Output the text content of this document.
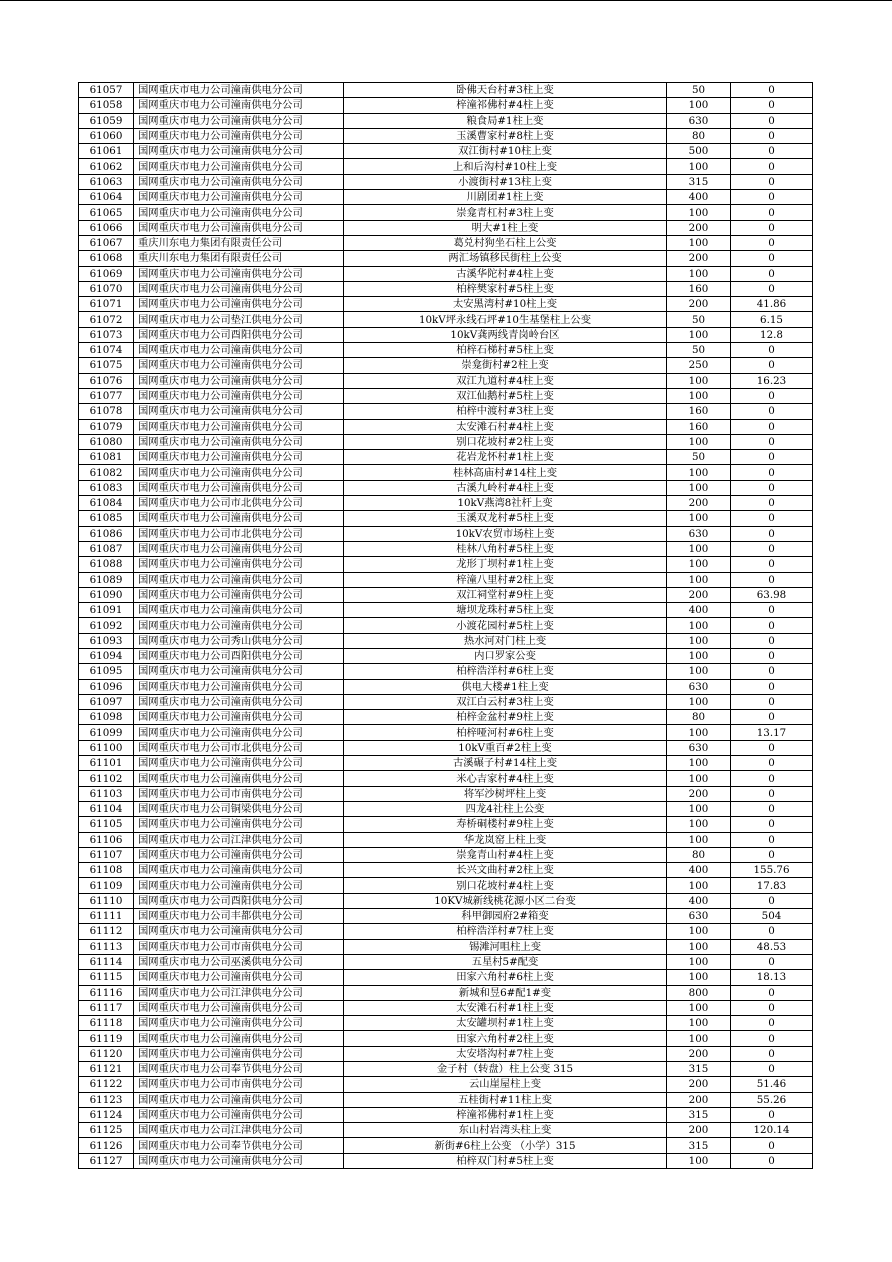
61057	国网重庆市电力公司潼南供电分公司	卧佛天台村#3柱上变	50	0
61058	国网重庆市电力公司潼南供电分公司	梓潼祁佛村#4柱上变	100	0
61059	国网重庆市电力公司潼南供电分公司	粮食局#1柱上变	630	0
61060	国网重庆市电力公司潼南供电分公司	玉溪曹家村#8柱上变	80	0
61061	国网重庆市电力公司潼南供电分公司	双江街村#10柱上变	500	0
61062	国网重庆市电力公司潼南供电分公司	上和后沟村#10柱上变	100	0
61063	国网重庆市电力公司潼南供电分公司	小渡街村#13柱上变	315	0
61064	国网重庆市电力公司潼南供电分公司	川剧团#1柱上变	400	0
61065	国网重庆市电力公司潼南供电分公司	崇龛青杠村#3柱上变	100	0
61066	国网重庆市电力公司潼南供电分公司	明大#1柱上变	200	0
61067	重庆川东电力集团有限责任公司	葛兑村狗坐石柱上公变	100	0
61068	重庆川东电力集团有限责任公司	两汇场镇移民街柱上公变	200	0
61069	国网重庆市电力公司潼南供电分公司	古溪华陀村#4柱上变	100	0
61070	国网重庆市电力公司潼南供电分公司	柏梓樊家村#5柱上变	160	0
61071	国网重庆市电力公司潼南供电分公司	太安黑湾村#10柱上变	200	41.86
61072	国网重庆市电力公司垫江供电分公司	10kV坪永线石坪#10生基堡柱上公变	50	6.15
61073	国网重庆市电力公司酉阳供电分公司	10kV龚两线青岗岭台区	100	12.8
61074	国网重庆市电力公司潼南供电分公司	柏梓石梯村#5柱上变	50	0
61075	国网重庆市电力公司潼南供电分公司	崇龛街村#2柱上变	250	0
61076	国网重庆市电力公司潼南供电分公司	双江九道村#4柱上变	100	16.23
61077	国网重庆市电力公司潼南供电分公司	双江仙鹅村#5柱上变	100	0
61078	国网重庆市电力公司潼南供电分公司	柏梓中渡村#3柱上变	160	0
61079	国网重庆市电力公司潼南供电分公司	太安滩石村#4柱上变	160	0
61080	国网重庆市电力公司潼南供电分公司	别口花坡村#2柱上变	100	0
61081	国网重庆市电力公司潼南供电分公司	花岩龙怀村#1柱上变	50	0
61082	国网重庆市电力公司潼南供电分公司	桂林高庙村#14柱上变	100	0
61083	国网重庆市电力公司潼南供电分公司	古溪九岭村#4柱上变	100	0
61084	国网重庆市电力公司市北供电分公司	10kV燕湾8社杆上变	200	0
61085	国网重庆市电力公司潼南供电分公司	玉溪双龙村#5柱上变	100	0
61086	国网重庆市电力公司市北供电分公司	10kV农贸市场柱上变	630	0
61087	国网重庆市电力公司潼南供电分公司	桂林八角村#5柱上变	100	0
61088	国网重庆市电力公司潼南供电分公司	龙形丁坝村#1柱上变	100	0
61089	国网重庆市电力公司潼南供电分公司	梓潼八里村#2柱上变	100	0
61090	国网重庆市电力公司潼南供电分公司	双江祠堂村#9柱上变	200	63.98
61091	国网重庆市电力公司潼南供电分公司	塘坝龙珠村#5柱上变	400	0
61092	国网重庆市电力公司潼南供电分公司	小渡花园村#5柱上变	100	0
61093	国网重庆市电力公司秀山供电分公司	热水河对门柱上变	100	0
61094	国网重庆市电力公司酉阳供电分公司	内口罗家公变	100	0
61095	国网重庆市电力公司潼南供电分公司	柏梓浩洋村#6柱上变	100	0
61096	国网重庆市电力公司潼南供电分公司	供电大楼#1柱上变	630	0
61097	国网重庆市电力公司潼南供电分公司	双江白云村#3柱上变	100	0
61098	国网重庆市电力公司潼南供电分公司	柏梓金盆村#9柱上变	80	0
61099	国网重庆市电力公司潼南供电分公司	柏梓哑河村#6柱上变	100	13.17
61100	国网重庆市电力公司市北供电分公司	10kV重百#2柱上变	630	0
61101	国网重庆市电力公司潼南供电分公司	古溪碾子村#14柱上变	100	0
61102	国网重庆市电力公司潼南供电分公司	米心吉家村#4柱上变	100	0
61103	国网重庆市电力公司市南供电分公司	将军沙树坪柱上变	200	0
61104	国网重庆市电力公司铜梁供电分公司	四龙4社柱上公变	100	0
61105	国网重庆市电力公司潼南供电分公司	寿桥硐楼村#9柱上变	100	0
61106	国网重庆市电力公司江津供电分公司	华龙岚窑上柱上变	100	0
61107	国网重庆市电力公司潼南供电分公司	崇龛青山村#4柱上变	80	0
61108	国网重庆市电力公司潼南供电分公司	长兴文曲村#2柱上变	400	155.76
61109	国网重庆市电力公司潼南供电分公司	别口花坡村#4柱上变	100	17.83
61110	国网重庆市电力公司酉阳供电分公司	10KV城新线桃花源小区二台变	400	0
61111	国网重庆市电力公司丰都供电分公司	科甲御园府2#箱变	630	504
61112	国网重庆市电力公司潼南供电分公司	柏梓浩洋村#7柱上变	100	0
61113	国网重庆市电力公司市南供电分公司	锡滩河咀柱上变	100	48.53
61114	国网重庆市电力公司巫溪供电分公司	五星村5#配变	100	0
61115	国网重庆市电力公司潼南供电分公司	田家六角村#6柱上变	100	18.13
61116	国网重庆市电力公司江津供电分公司	新城和昱6#配1#变	800	0
61117	国网重庆市电力公司潼南供电分公司	太安滩石村#1柱上变	100	0
61118	国网重庆市电力公司潼南供电分公司	太安罐坝村#1柱上变	100	0
61119	国网重庆市电力公司潼南供电分公司	田家六角村#2柱上变	100	0
61120	国网重庆市电力公司潼南供电分公司	太安塔沟村#7柱上变	200	0
61121	国网重庆市电力公司奉节供电分公司	金子村（转盘）柱上公变 315	315	0
61122	国网重庆市电力公司市南供电分公司	云山崖屋柱上变	200	51.46
61123	国网重庆市电力公司潼南供电分公司	五桂街村#11柱上变	200	55.26
61124	国网重庆市电力公司潼南供电分公司	梓潼祁佛村#1柱上变	315	0
61125	国网重庆市电力公司江津供电分公司	东山村岩湾头柱上变	200	120.14
61126	国网重庆市电力公司奉节供电分公司	新街#6柱上公变 （小学）315	315	0
61127	国网重庆市电力公司潼南供电分公司	柏梓双门村#5柱上变	100	0
